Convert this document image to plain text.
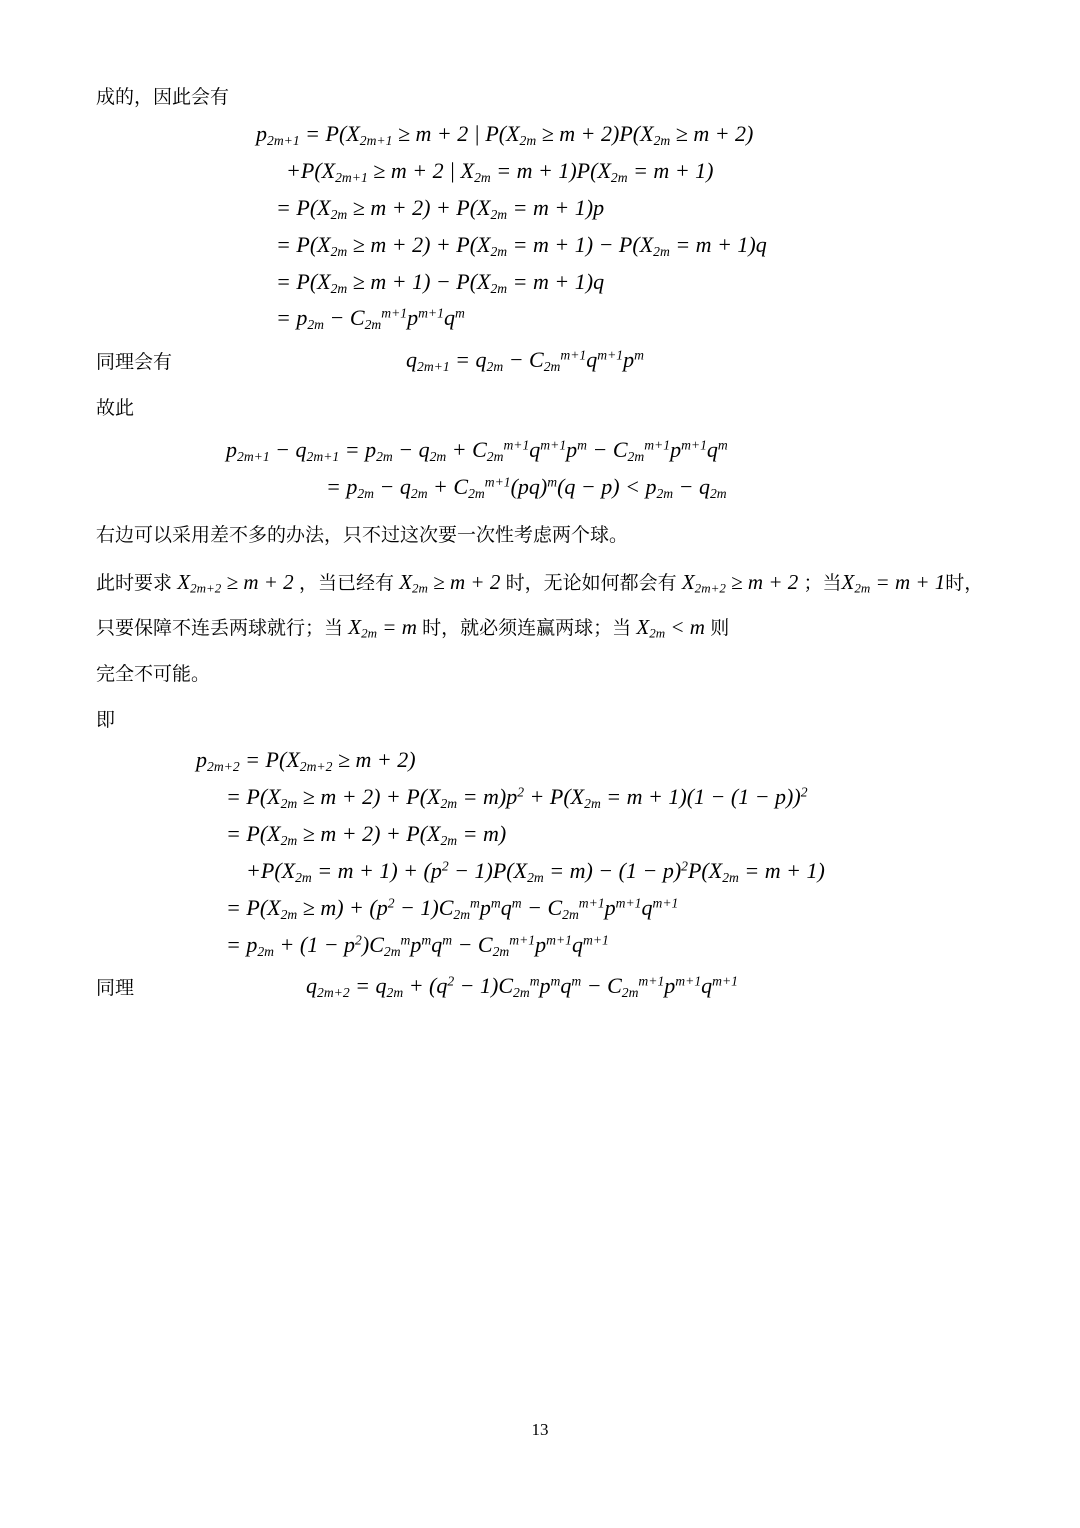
成的，因此会有
$p_{2m+1} = P(X_{2m+1} \ge m + 2$ | $P(X_{2m} \ge m + 2)P(X_{2m} \ge m + 2)$
$+P(X_{2m+1} \ge m + 2$ | $X_{2m} = m + 1)P(X_{2m} = m + 1)$
= $P(X_{2m} \ge m + 2) + P(X_{2m} = m + 1)p$
= $P(X_{2m} \ge m + 2) + P(X_{2m} = m + 1) - P(X_{2m} = m + 1)q$
= $P(X_{2m} \ge m + 1) - P(X_{2m} = m + 1)q$
= $p_{2m} - C_{2m}^{m+1}p^{m+1}q^m$
同理会有	$q_{2m+1} = q_{2m} - C_{2m}^{m+1}q^{m+1}p^m$
故此
$p_{2m+1} - q_{2m+1} = p_{2m} - q_{2m} + C_{2m}^{m+1}q^{m+1}p^m - C_{2m}^{m+1}p^{m+1}q^m$
= $p_{2m} - q_{2m} + C_{2m}^{m+1}(pq)^m(q - p) < p_{2m} - q_{2m}$
右边可以采用差不多的办法，只不过这次要一次性考虑两个球。
此时要求 $X_{2m+2} \ge m + 2$ ，当已经有 $X_{2m} \ge m + 2$ 时，无论如何都会有 $X_{2m+2} \ge m + 2$ ；当$X_{2m} = m + 1$时，只要保障不连丢两球就行；当 $X_{2m} = m$ 时，就必须连赢两球；当 $X_{2m} < m$ 则
完全不可能。
即
$p_{2m+2} = P(X_{2m+2} \ge m + 2)$
= $P(X_{2m} \ge m + 2) + P(X_{2m} = m)p^2 + P(X_{2m} = m + 1)(1 - (1 - p))^2$
= $P(X_{2m} \ge m + 2) + P(X_{2m} = m)$
$+P(X_{2m} = m + 1) + (p^2 - 1)P(X_{2m} = m) - (1 - p)^2P(X_{2m} = m + 1)$
= $P(X_{2m} \ge m) + (p^2 - 1)C_{2m}^mp^mq^m - C_{2m}^{m+1}p^{m+1}q^{m+1}$
= $p_{2m} + (1 - p^2)C_{2m}^mp^mq^m - C_{2m}^{m+1}p^{m+1}q^{m+1}$
同理	$q_{2m+2} = q_{2m} + (q^2 - 1)C_{2m}^mp^mq^m - C_{2m}^{m+1}p^{m+1}q^{m+1}$
13
